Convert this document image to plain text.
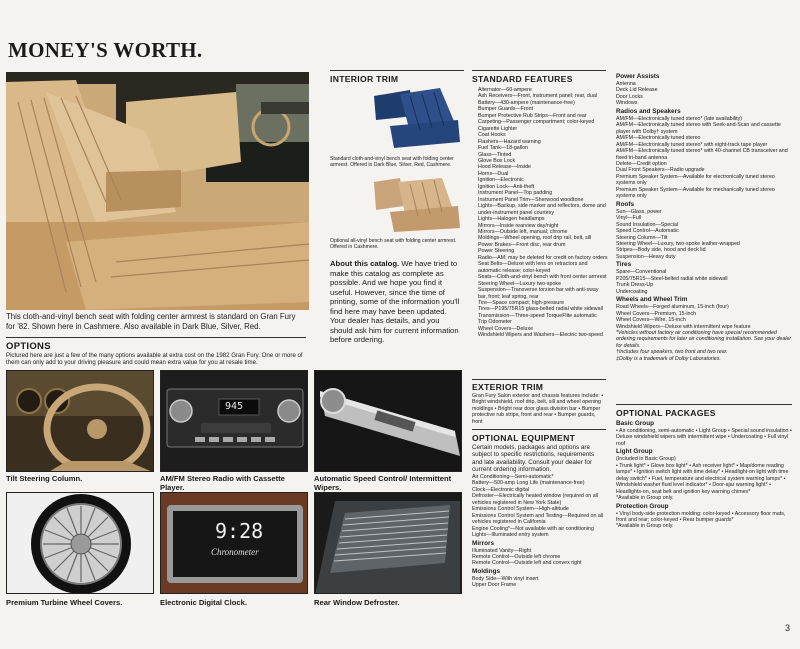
MONEY'S WORTH.
This cloth-and-vinyl bench seat with folding center armrest is standard on Gran Fury for '82. Shown here in Cashmere. Also available in Dark Blue, Silver, Red.
OPTIONS
Pictured here are just a few of the many options available at extra cost on the 1982 Gran Fury. One or more of them can only add to your driving pleasure and could mean extra value for you at resale time.
945
Tilt Steering Column.	AM/FM Stereo Radio with Cassette Player.
Automatic Speed Control/ Intermittent Wipers.
9:28
Chronometer
Premium Turbine Wheel Covers.	Electronic Digital Clock.	Rear Window Defroster.
INTERIOR TRIM
Standard cloth-and-vinyl bench seat with folding center armrest. Offered in Dark Blue, Silver, Red, Cashmere.
Optional all-vinyl bench seat with folding center armrest. Offered in Cashmere.
About this catalog. We have tried to make this catalog as complete as possible. And we hope you find it useful. However, since the time of printing, some of the information you'll find here may have been updated. Your dealer has details, and you should ask him for current information before ordering.
STANDARD FEATURES
Alternator—60-ampere
Ash Receivers—Front, instrument panel; rear, dual
Battery—430-ampere (maintenance-free)
Bumper Guards—Front
Bumper Protective Rub Strips—Front and rear
Carpeting—Passenger compartment; color-keyed
Cigarette Lighter
Coat Hooks
Flashers—Hazard warning
Fuel Tank—18-gallon
Glass—Tinted
Glove Box Lock
Hood Release—Inside
Horns—Dual
Ignition—Electronic
Ignition Lock—Anti-theft
Instrument Panel—Top padding
Instrument Panel Trim—Sherwood woodtone
Lights—Backup, side marker and reflectors, dome and under-instrument panel courtesy
Lights—Halogen headlamps
Mirrors—Inside rearview day/night
Mirrors—Outside left, manual; chrome
Moldings—Wheel opening, roof drip rail, belt, sill
Power Brakes—Front disc, rear drum
Power Steering
Radio—AM; may be deleted for credit on factory orders
Seat Belts—Deluxe with lens on retractors and automatic release; color-keyed
Seats—Cloth-and-vinyl bench with front center armrest
Steering Wheel—Luxury two-spoke
Suspension—Transverse torsion bar with anti-sway bar, front; leaf spring, rear
Tire—Space compact; high-pressure
Tires—P195/75R15 glass-belted radial white sidewall
Transmission—Three-speed TorqueFlite automatic
Trip Odometer
Wheel Covers—Deluxe
Windshield Wipers and Washers—Electric two-speed
EXTERIOR TRIM
Gran Fury Salon exterior and chassis features include: • Bright windshield, roof drip, belt, sill and wheel opening moldings • Bright rear door glass division bar • Bumper protective rub strips, front and rear • Bumper guards, front
OPTIONAL EQUIPMENT
Certain models, packages and options are subject to specific restrictions, requirements and late availability. Consult your dealer for current ordering information.
Air Conditioning—Semi-automatic*
Battery—500-amp Long Life (maintenance-free)
Clock—Electronic digital
Defroster—Electrically heated window (required on all vehicles registered in New York State)
Emissions Control System—High-altitude
Emissions Control System and Testing—Required on all vehicles registered in California
Engine Cooling*—Not available with air conditioning
Lights—Illuminated entry system
Mirrors
Illuminated Vanity—Right
Remote Control—Outside left chrome
Remote Control—Outside left and convex right
Moldings
Body Side—With vinyl insert
Upper Door Frame
Power Assists
Antenna
Deck Lid Release
Door Locks
Windows
Radios and Speakers
AM/FM—Electronically tuned stereo* (late availability)
AM/FM—Electronically tuned stereo with Seek-and-Scan and cassette player with Dolby† system
AM/FM—Electronically tuned stereo
AM/FM—Electronically tuned stereo* with eight-track tape player
AM/FM—Electronically tuned stereo* with 40-channel CB transceiver and fixed tri-band antenna
Delete—Credit option
Dual Front Speakers—Radio upgrade
Premium Speaker System—Available for electronically tuned stereo systems only
Premium Speaker System—Available for mechanically tuned stereo systems only
Roofs
Sun—Glass, power
Vinyl—Full
Sound Insulation—Special
Speed Control—Automatic
Steering Column—Tilt
Steering Wheel—Luxury, two-spoke leather-wrapped
Stripes—Body side, hood and deck lid
Suspension—Heavy duty
Tires
Spare—Conventional
P205/75R15—Steel-belted radial white sidewall
Trunk Dress-Up
Undercoating
Wheels and Wheel Trim
Road Wheels—Forged aluminum, 15-inch (four)
Wheel Covers—Premium, 15-inch
Wheel Covers—Wire, 15-inch
Windshield Wipers—Deluxe with intermittent wipe feature
*Vehicles without factory air conditioning have special recommended ordering requirements for later air conditioning installation. See your dealer for details.
†Includes four speakers, two front and two rear.
‡Dolby is a trademark of Dolby Laboratories.
OPTIONAL PACKAGES
Basic Group
• Air conditioning, semi-automatic • Light Group • Special sound insulation • Deluxe windshield wipers with intermittent wipe • Undercoating • Full vinyl roof
Light Group
(Included in Basic Group)
• Trunk light* • Glove box light* • Ash receiver light* • Map/dome reading lamps* • Ignition switch light with time delay* • Headlight-on light with time delay switch* • Fuel, temperature and electrical system warning lamps* • Windshield washer fluid level indicator* • Door-ajar warning light* • Headlights-on, seat belt and ignition key warning chimes*
*Available in Group only.
Protection Group
• Vinyl body-side protection molding; color-keyed • Accessory floor mats, front and rear; color-keyed • Rear bumper guards*
*Available in Group only.
3
